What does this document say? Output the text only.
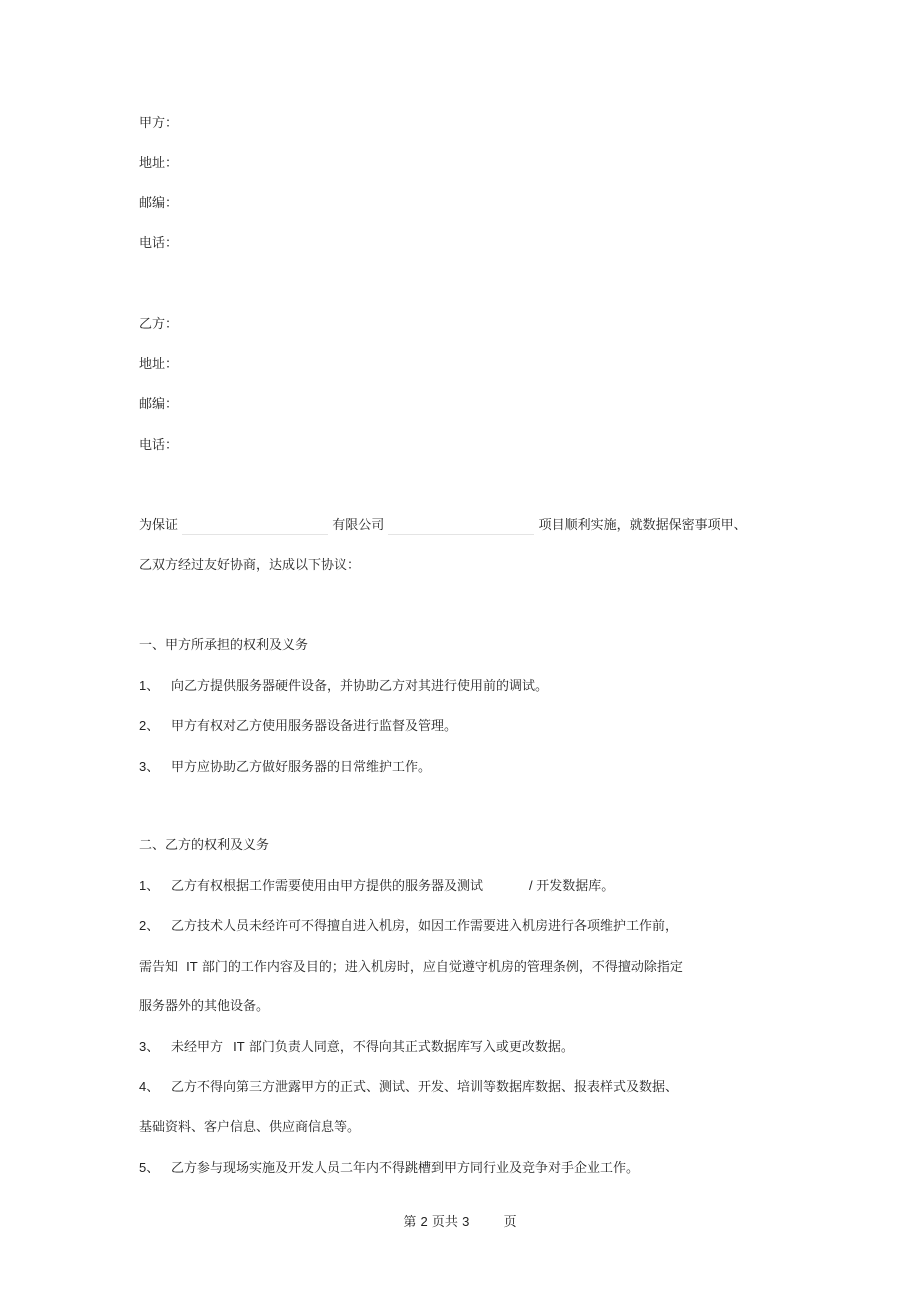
甲方：
地址：
邮编：
电话：
乙方：
地址：
邮编：
电话：
为保证	有限公司	项目顺利实施，就数据保密事项甲、
乙双方经过友好协商，达成以下协议：
一、甲方所承担的权利及义务
1、 向乙方提供服务器硬件设备，并协助乙方对其进行使用前的调试。
2、 甲方有权对乙方使用服务器设备进行监督及管理。
3、 甲方应协助乙方做好服务器的日常维护工作。
二、乙方的权利及义务
1、 乙方有权根据工作需要使用由甲方提供的服务器及测试	/ 开发数据库。
2、 乙方技术人员未经许可不得擅自进入机房，如因工作需要进入机房进行各项维护工作前，
需告知 IT 部门的工作内容及目的；进入机房时，应自觉遵守机房的管理条例，不得擅动除指定
服务器外的其他设备。
3、 未经甲方 IT 部门负责人同意，不得向其正式数据库写入或更改数据。
4、 乙方不得向第三方泄露甲方的正式、测试、开发、培训等数据库数据、报表样式及数据、
基础资料、客户信息、供应商信息等。
5、 乙方参与现场实施及开发人员二年内不得跳槽到甲方同行业及竞争对手企业工作。
第 2 页共 3	页
